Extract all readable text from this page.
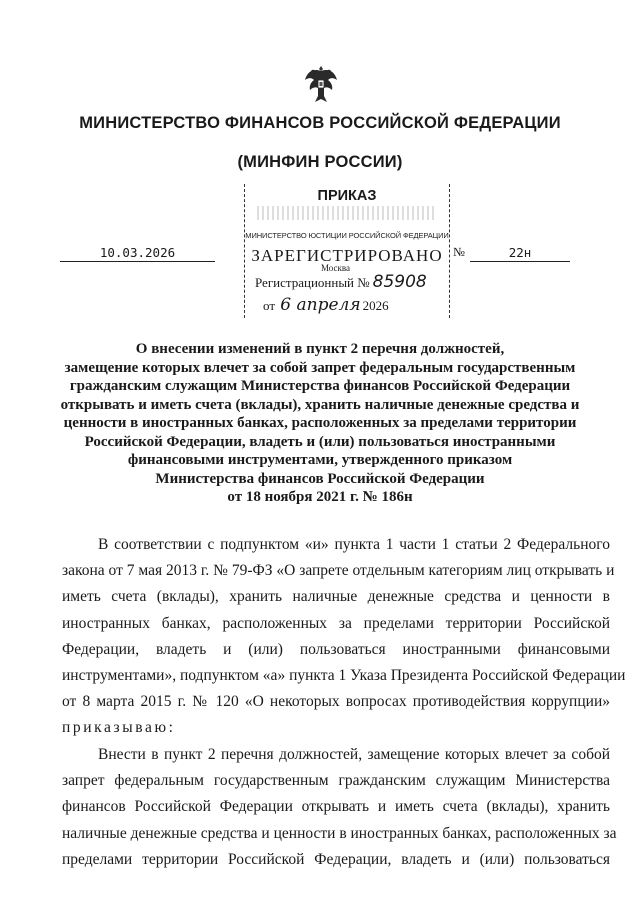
МИНИСТЕРСТВО ФИНАНСОВ РОССИЙСКОЙ ФЕДЕРАЦИИ
(МИНФИН РОССИИ)
ПРИКАЗ
МИНИСТЕРСТВО ЮСТИЦИИ РОССИЙСКОЙ ФЕДЕРАЦИИ
ЗАРЕГИСТРИРОВАНО
Москва
Регистрационный № 85908
от 6 апреля 2026
10.03.2026	№	22н
О внесении изменений в пункт 2 перечня должностей,
замещение которых влечет за собой запрет федеральным государственным
гражданским служащим Министерства финансов Российской Федерации
открывать и иметь счета (вклады), хранить наличные денежные средства и
ценности в иностранных банках, расположенных за пределами территории
Российской Федерации, владеть и (или) пользоваться иностранными
финансовыми инструментами, утвержденного приказом
Министерства финансов Российской Федерации
от 18 ноября 2021 г. № 186н
В соответствии с подпунктом «и» пункта 1 части 1 статьи 2 Федерального
закона от 7 мая 2013 г. № 79-ФЗ «О запрете отдельным категориям лиц открывать и
иметь счета (вклады), хранить наличные денежные средства и ценности в
иностранных банках, расположенных за пределами территории Российской
Федерации, владеть и (или) пользоваться иностранными финансовыми
инструментами», подпунктом «а» пункта 1 Указа Президента Российской Федерации
от 8 марта 2015 г. № 120 «О некоторых вопросах противодействия коррупции»
приказываю:
Внести в пункт 2 перечня должностей, замещение которых влечет за собой
запрет федеральным государственным гражданским служащим Министерства
финансов Российской Федерации открывать и иметь счета (вклады), хранить
наличные денежные средства и ценности в иностранных банках, расположенных за
пределами территории Российской Федерации, владеть и (или) пользоваться
